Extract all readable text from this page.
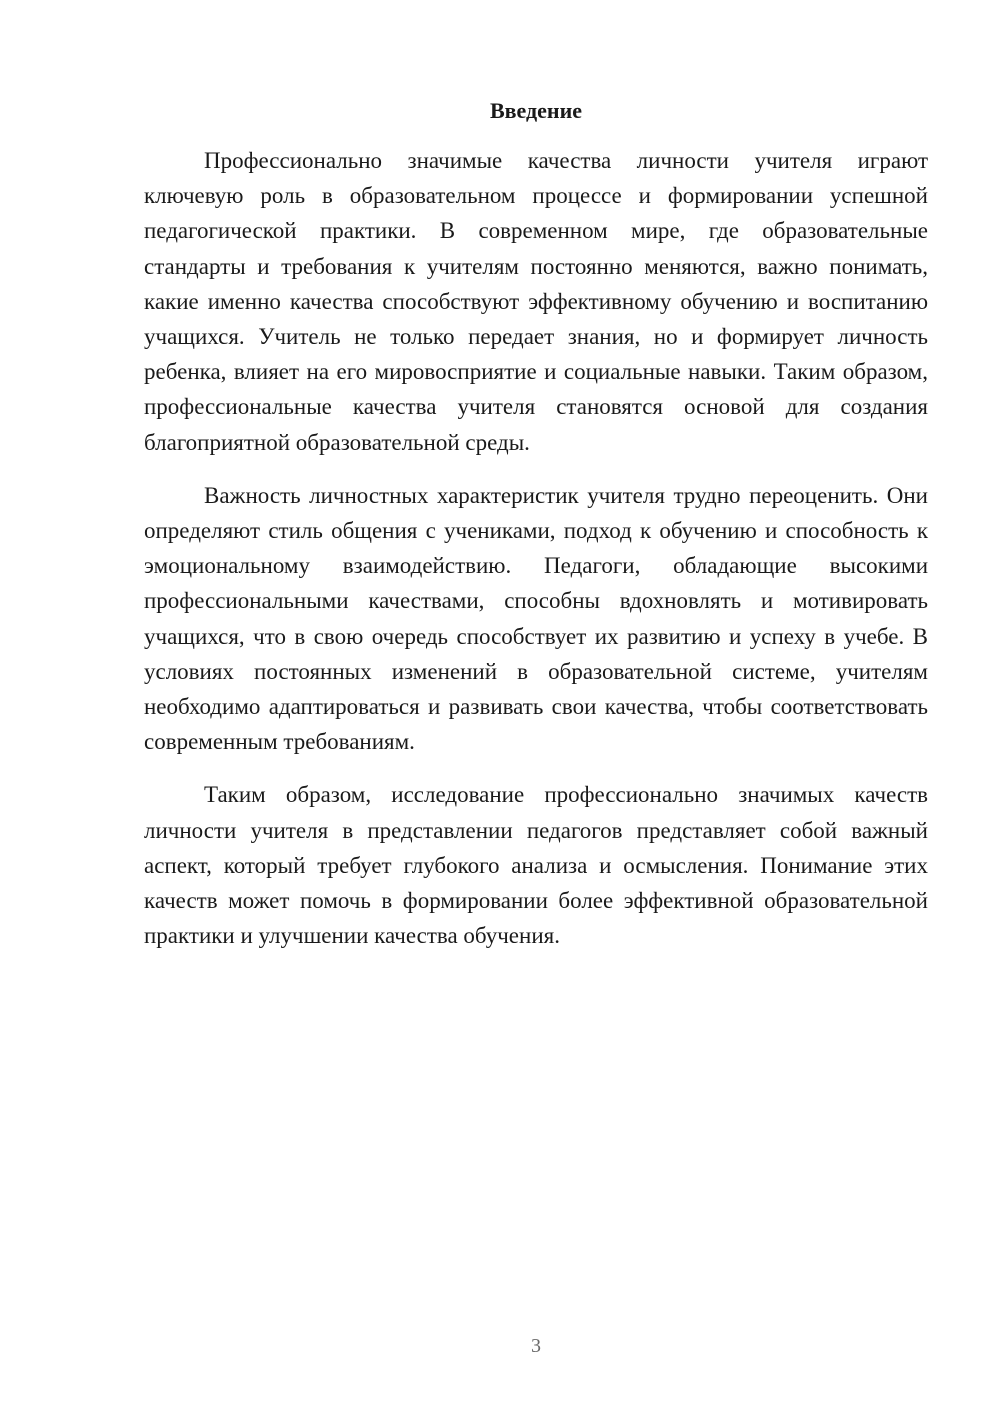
Введение

Профессионально значимые качества личности учителя играют ключевую роль в образовательном процессе и формировании успешной педагогической практики. В современном мире, где образовательные стандарты и требования к учителям постоянно меняются, важно понимать, какие именно качества способствуют эффективному обучению и воспитанию учащихся. Учитель не только передает знания, но и формирует личность ребенка, влияет на его мировосприятие и социальные навыки. Таким образом, профессиональные качества учителя становятся основой для создания благоприятной образовательной среды.

Важность личностных характеристик учителя трудно переоценить. Они определяют стиль общения с учениками, подход к обучению и способность к эмоциональному взаимодействию. Педагоги, обладающие высокими профессиональными качествами, способны вдохновлять и мотивировать учащихся, что в свою очередь способствует их развитию и успеху в учебе. В условиях постоянных изменений в образовательной системе, учителям необходимо адаптироваться и развивать свои качества, чтобы соответствовать современным требованиям.

Таким образом, исследование профессионально значимых качеств личности учителя в представлении педагогов представляет собой важный аспект, который требует глубокого анализа и осмысления. Понимание этих качеств может помочь в формировании более эффективной образовательной практики и улучшении качества обучения.

3
